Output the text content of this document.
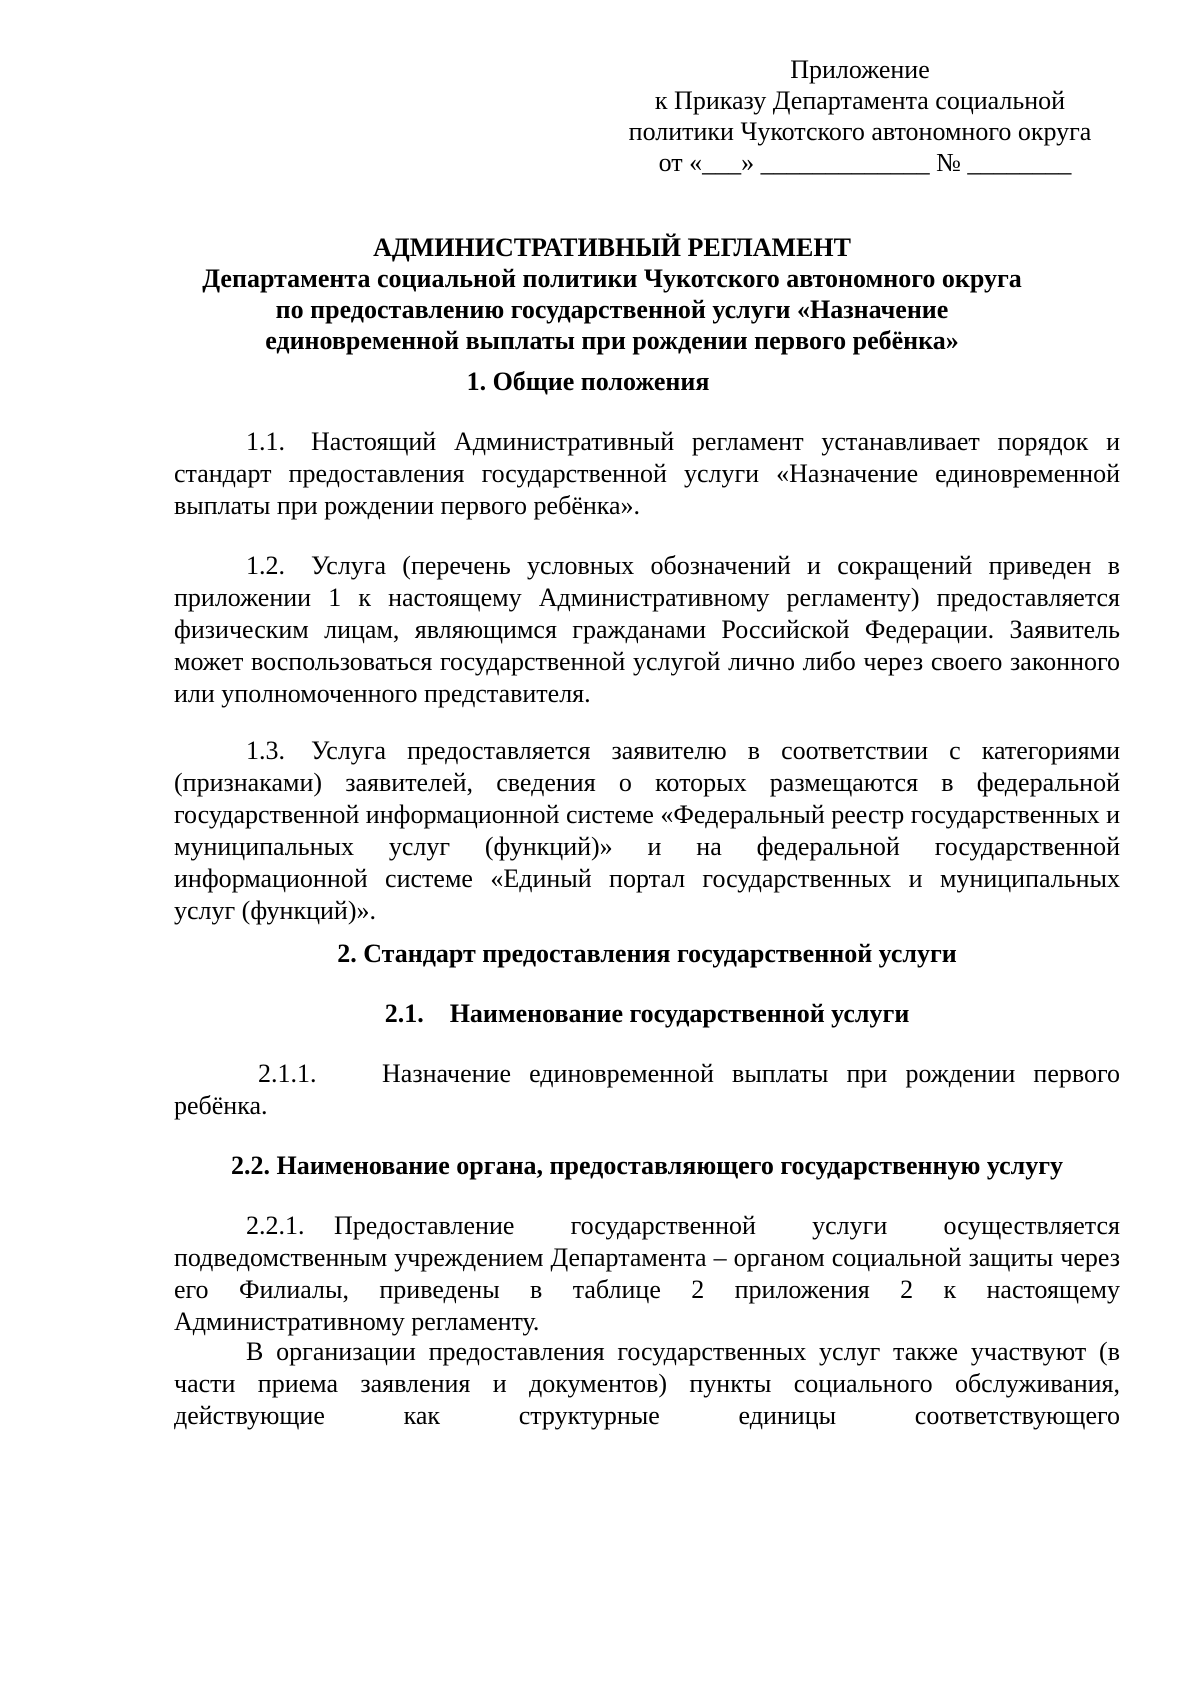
Приложение
к Приказу Департамента социальной
политики Чукотского автономного округа
от «___» _____________ № ________
АДМИНИСТРАТИВНЫЙ РЕГЛАМЕНТ
Департамента социальной политики Чукотского автономного округа
по предоставлению государственной услуги «Назначение
единовременной выплаты при рождении первого ребёнка»
1. Общие положения
1.1. Настоящий Административный регламент устанавливает порядок и стандарт предоставления государственной услуги «Назначение единовременной выплаты при рождении первого ребёнка».
1.2. Услуга (перечень условных обозначений и сокращений приведен в приложении 1 к настоящему Административному регламенту) предоставляется физическим лицам, являющимся гражданами Российской Федерации. Заявитель может воспользоваться государственной услугой лично либо через своего законного или уполномоченного представителя.
1.3. Услуга предоставляется заявителю в соответствии с категориями (признаками) заявителей, сведения о которых размещаются в федеральной государственной информационной системе «Федеральный реестр государственных и муниципальных услуг (функций)» и на федеральной государственной информационной системе «Единый портал государственных и муниципальных услуг (функций)».
2. Стандарт предоставления государственной услуги
2.1.    Наименование государственной услуги
2.1.1.	Назначение единовременной выплаты при рождении первого ребёнка.
2.2. Наименование органа, предоставляющего государственную услугу
2.2.1. Предоставление государственной услуги осуществляется подведомственным учреждением Департамента – органом социальной защиты через его Филиалы, приведены в таблице 2 приложения 2 к настоящему Административному регламенту.
В организации предоставления государственных услуг также участвуют (в части приема заявления и документов) пункты социального обслуживания, действующие как структурные единицы соответствующего
